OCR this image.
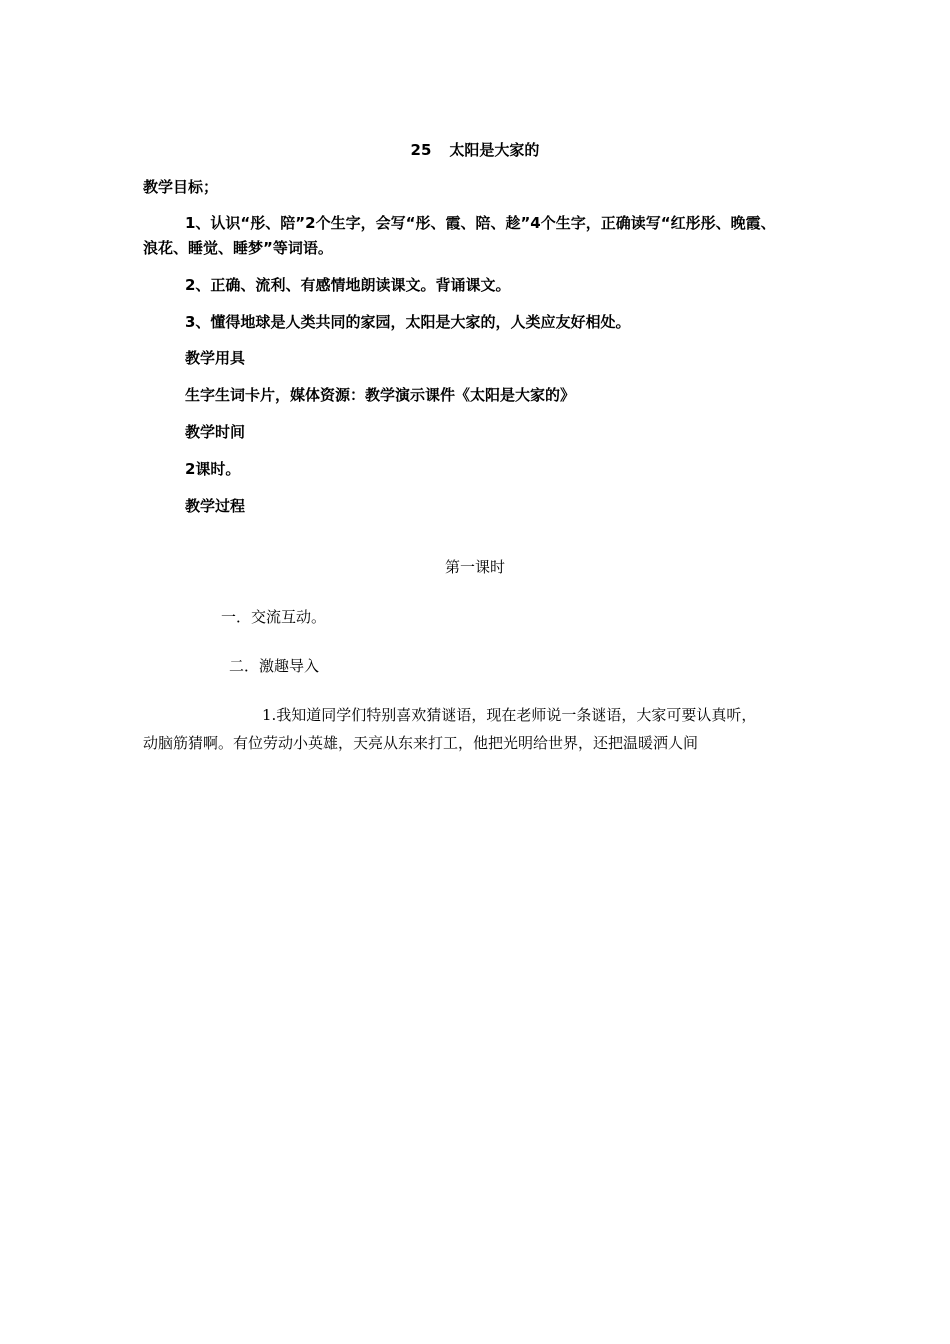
25 太阳是大家的
教学目标；
1、认识“彤、陪”2个生字，会写“彤、霞、陪、趁”4个生字，正确读写“红彤彤、晚霞、
浪花、睡觉、睡梦”等词语。
2、正确、流利、有感情地朗读课文。背诵课文。
3、懂得地球是人类共同的家园，太阳是大家的，人类应友好相处。
教学用具
生字生词卡片，媒体资源：教学演示课件《太阳是大家的》
教学时间
2课时。
教学过程
第一课时
一．交流互动。
二．激趣导入
1.我知道同学们特别喜欢猜谜语，现在老师说一条谜语，大家可要认真听，
动脑筋猜啊。有位劳动小英雄，天亮从东来打工，他把光明给世界，还把温暖洒人间
